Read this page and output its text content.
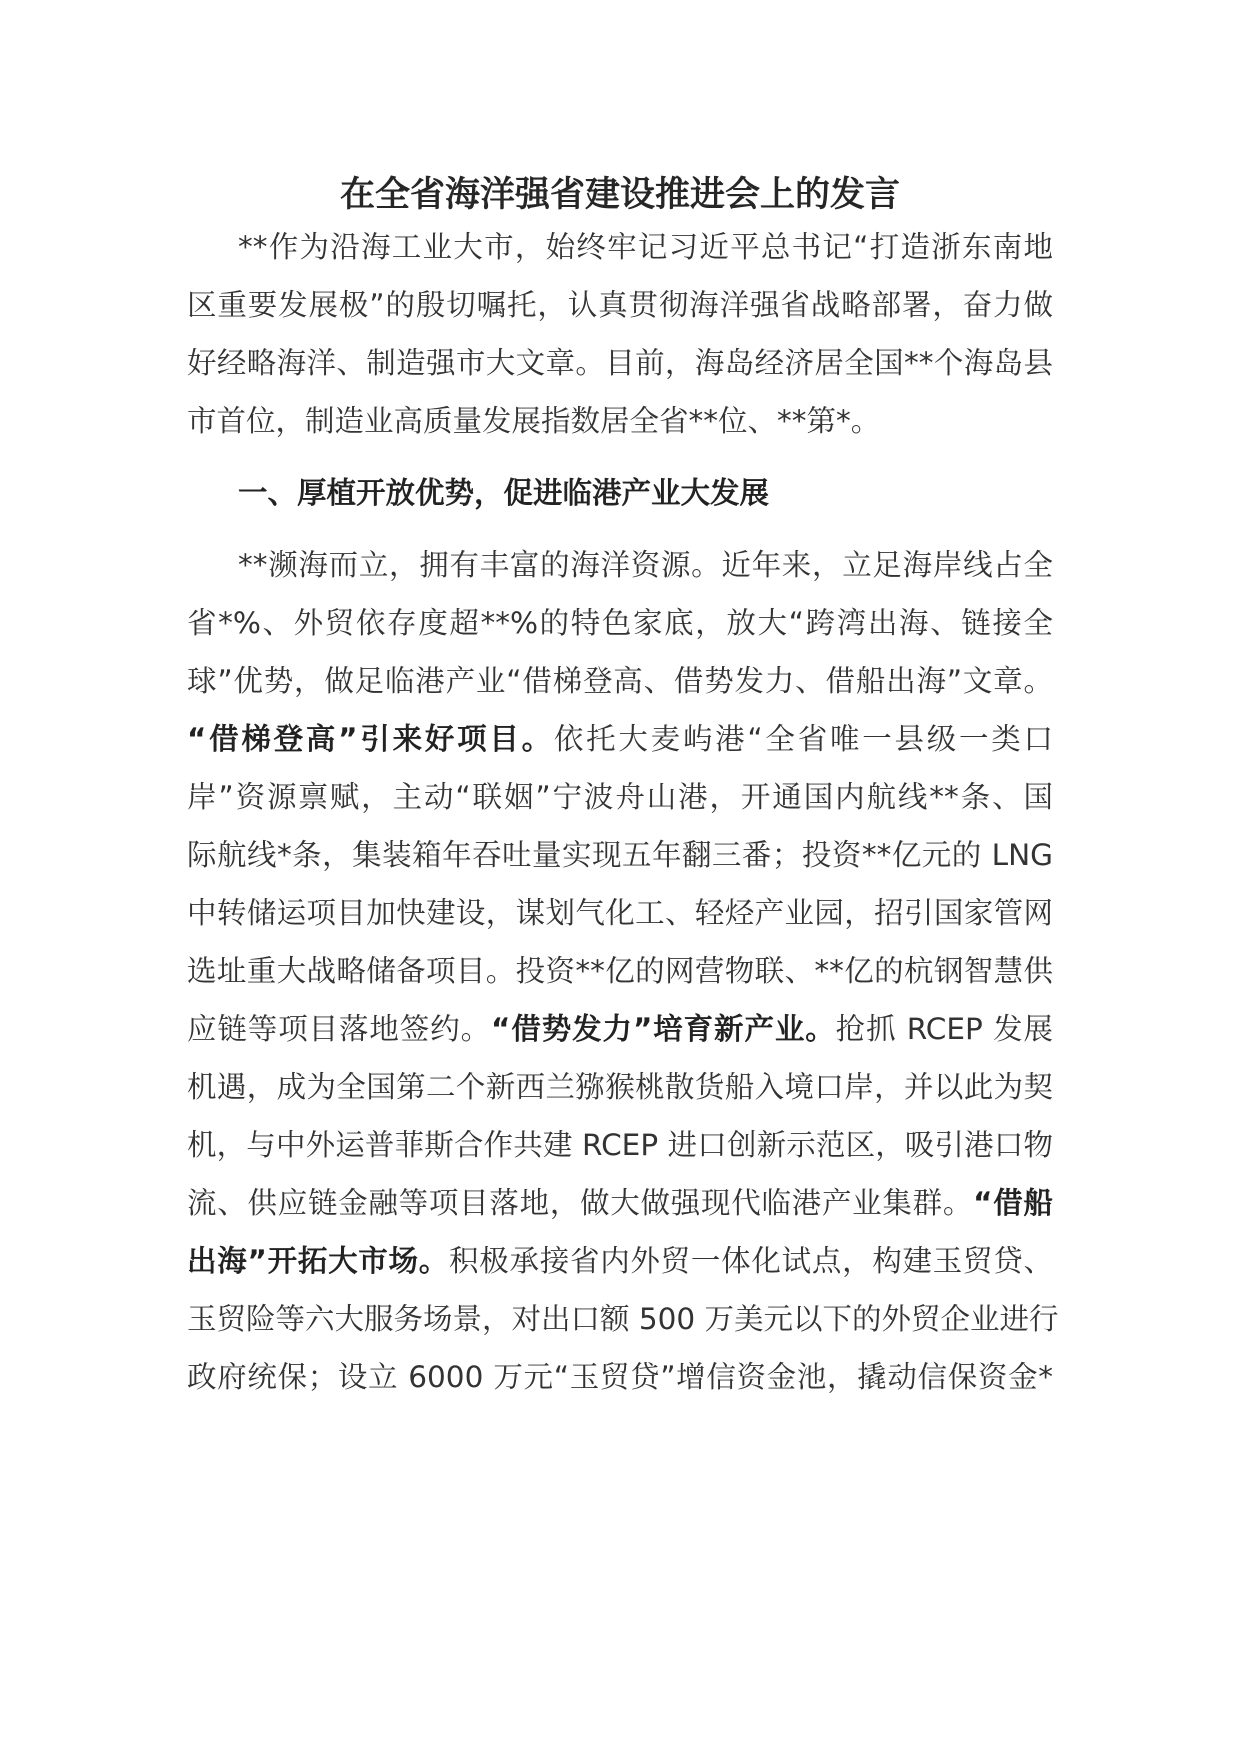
在全省海洋强省建设推进会上的发言

**作为沿海工业大市，始终牢记习近平总书记“打造浙东南地

区重要发展极”的殷切嘱托，认真贯彻海洋强省战略部署，奋力做

好经略海洋、制造强市大文章。目前，海岛经济居全国**个海岛县

市首位，制造业高质量发展指数居全省**位、**第*。

一、厚植开放优势，促进临港产业大发展

**濒海而立，拥有丰富的海洋资源。近年来，立足海岸线占全

省*%、外贸依存度超**%的特色家底，放大“跨湾出海、链接全

球”优势，做足临港产业“借梯登高、借势发力、借船出海”文章。

“借梯登高”引来好项目。依托大麦屿港“全省唯一县级一类口

岸”资源禀赋，主动“联姻”宁波舟山港，开通国内航线**条、国

际航线*条，集装箱年吞吐量实现五年翻三番；投资**亿元的 LNG

中转储运项目加快建设，谋划气化工、轻烃产业园，招引国家管网

选址重大战略储备项目。投资**亿的网营物联、**亿的杭钢智慧供

应链等项目落地签约。“借势发力”培育新产业。抢抓 RCEP 发展

机遇，成为全国第二个新西兰猕猴桃散货船入境口岸，并以此为契

机，与中外运普菲斯合作共建 RCEP 进口创新示范区，吸引港口物

流、供应链金融等项目落地，做大做强现代临港产业集群。“借船

出海”开拓大市场。积极承接省内外贸一体化试点，构建玉贸贷、

玉贸险等六大服务场景，对出口额 500 万美元以下的外贸企业进行

政府统保；设立 6000 万元“玉贸贷”增信资金池，撬动信保资金*
